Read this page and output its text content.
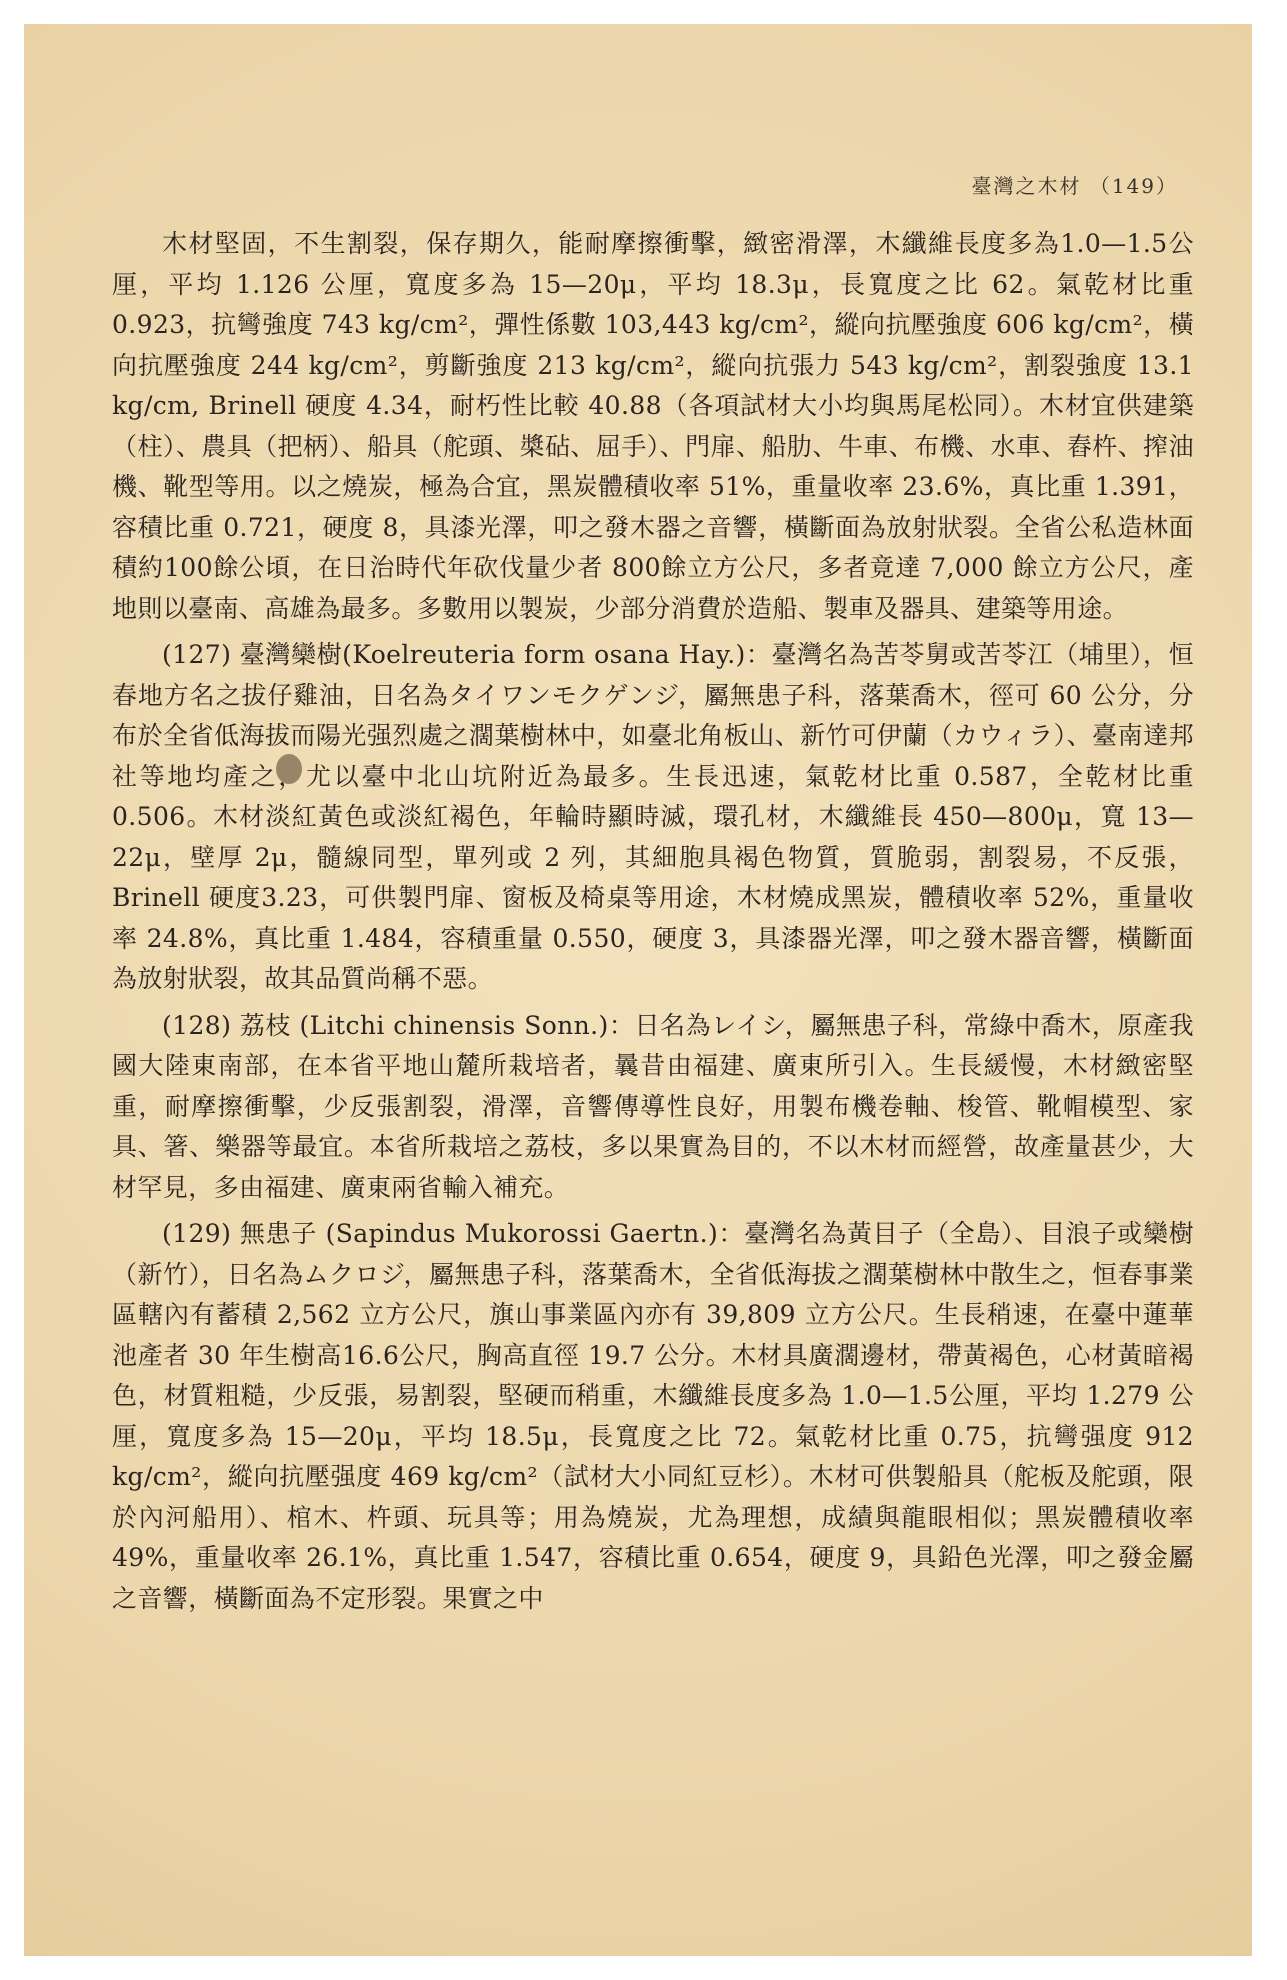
臺灣之木材 （149）

木材堅固，不生割裂，保存期久，能耐摩擦衝擊，緻密滑澤，木纖維長度多為1.0—1.5公厘，平均 1.126 公厘，寬度多為 15—20μ，平均 18.3μ，長寬度之比 62。氣乾材比重 0.923，抗彎強度 743 kg/cm²，彈性係數 103,443 kg/cm²，縱向抗壓強度 606 kg/cm²，橫向抗壓強度 244 kg/cm²，剪斷強度 213 kg/cm²，縱向抗張力 543 kg/cm²，割裂強度 13.1 kg/cm, Brinell 硬度 4.34，耐朽性比較 40.88（各項試材大小均與馬尾松同）。木材宜供建築（柱）、農具（把柄）、船具（舵頭、槳砧、屈手）、門扉、船肋、牛車、布機、水車、舂杵、搾油機、靴型等用。以之燒炭，極為合宜，黑炭體積收率 51%，重量收率 23.6%，真比重 1.391，容積比重 0.721，硬度 8，具漆光澤，叩之發木器之音響，橫斷面為放射狀裂。全省公私造林面積約100餘公頃，在日治時代年砍伐量少者 800餘立方公尺，多者竟達 7,000 餘立方公尺，產地則以臺南、高雄為最多。多數用以製炭，少部分消費於造船、製車及器具、建築等用途。

(127) 臺灣欒樹(Koelreuteria form osana Hay.)：臺灣名為苦苓舅或苦苓江（埔里），恒春地方名之拔仔雞油，日名為タイワンモクゲンジ，屬無患子科，落葉喬木，徑可 60 公分，分布於全省低海拔而陽光强烈處之濶葉樹林中，如臺北角板山、新竹可伊蘭（カウィラ）、臺南達邦社等地均產之，尤以臺中北山坑附近為最多。生長迅速，氣乾材比重 0.587，全乾材比重 0.506。木材淡紅黃色或淡紅褐色，年輪時顯時滅，環孔材，木纖維長 450—800μ，寬 13—22μ，壁厚 2μ，髓線同型，單列或 2 列，其細胞具褐色物質，質脆弱，割裂易，不反張，Brinell 硬度3.23，可供製門扉、窗板及椅桌等用途，木材燒成黑炭，體積收率 52%，重量收率 24.8%，真比重 1.484，容積重量 0.550，硬度 3，具漆器光澤，叩之發木器音響，橫斷面為放射狀裂，故其品質尚稱不惡。

(128) 荔枝 (Litchi chinensis Sonn.)：日名為レイシ，屬無患子科，常綠中喬木，原產我國大陸東南部，在本省平地山麓所栽培者，曩昔由福建、廣東所引入。生長緩慢，木材緻密堅重，耐摩擦衝擊，少反張割裂，滑澤，音響傳導性良好，用製布機卷軸、梭管、靴帽模型、家具、箸、樂器等最宜。本省所栽培之荔枝，多以果實為目的，不以木材而經營，故產量甚少，大材罕見，多由福建、廣東兩省輸入補充。

(129) 無患子 (Sapindus Mukorossi Gaertn.)：臺灣名為黃目子（全島）、目浪子或欒樹（新竹），日名為ムクロジ，屬無患子科，落葉喬木，全省低海拔之濶葉樹林中散生之，恒春事業區轄內有蓄積 2,562 立方公尺，旗山事業區內亦有 39,809 立方公尺。生長稍速，在臺中蓮華池產者 30 年生樹高16.6公尺，胸高直徑 19.7 公分。木材具廣濶邊材，帶黃褐色，心材黃暗褐色，材質粗糙，少反張，易割裂，堅硬而稍重，木纖維長度多為 1.0—1.5公厘，平均 1.279 公厘，寬度多為 15—20μ，平均 18.5μ，長寬度之比 72。氣乾材比重 0.75，抗彎强度 912 kg/cm²，縱向抗壓强度 469 kg/cm²（試材大小同紅豆杉）。木材可供製船具（舵板及舵頭，限於內河船用）、棺木、杵頭、玩具等；用為燒炭，尤為理想，成績與龍眼相似；黑炭體積收率 49%，重量收率 26.1%，真比重 1.547，容積比重 0.654，硬度 9，具鉛色光澤，叩之發金屬之音響，橫斷面為不定形裂。果實之中
